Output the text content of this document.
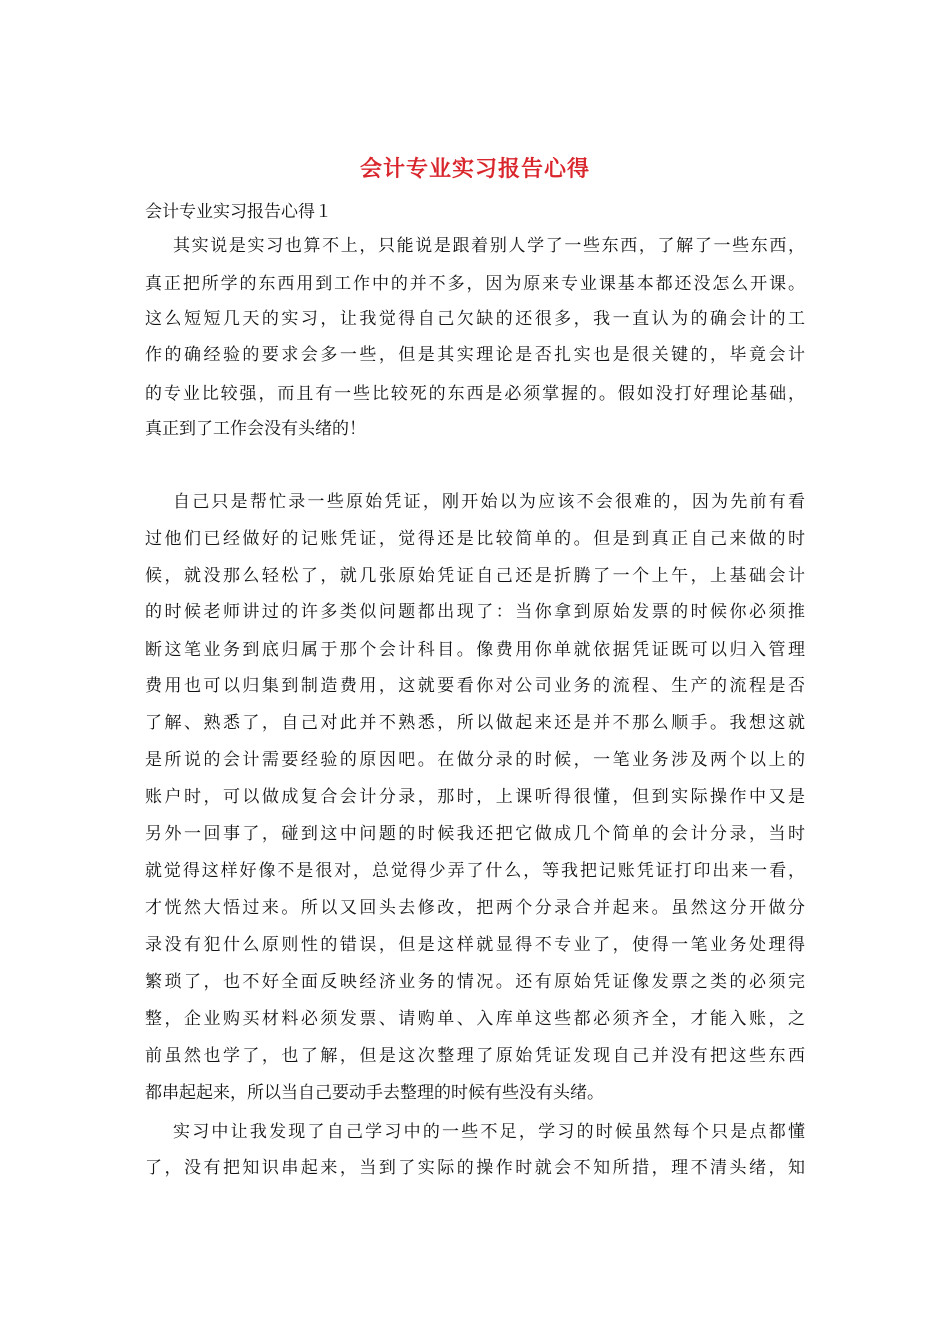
会计专业实习报告心得
会计专业实习报告心得１
其实说是实习也算不上，只能说是跟着别人学了一些东西，了解了一些东西，
真正把所学的东西用到工作中的并不多，因为原来专业课基本都还没怎么开课。
这么短短几天的实习，让我觉得自己欠缺的还很多，我一直认为的确会计的工
作的确经验的要求会多一些，但是其实理论是否扎实也是很关键的，毕竟会计
的专业比较强，而且有一些比较死的东西是必须掌握的。假如没打好理论基础，
真正到了工作会没有头绪的！
自己只是帮忙录一些原始凭证，刚开始以为应该不会很难的，因为先前有看
过他们已经做好的记账凭证，觉得还是比较简单的。但是到真正自己来做的时
候，就没那么轻松了，就几张原始凭证自己还是折腾了一个上午，上基础会计
的时候老师讲过的许多类似问题都出现了：当你拿到原始发票的时候你必须推
断这笔业务到底归属于那个会计科目。像费用你单就依据凭证既可以归入管理
费用也可以归集到制造费用，这就要看你对公司业务的流程、生产的流程是否
了解、熟悉了，自己对此并不熟悉，所以做起来还是并不那么顺手。我想这就
是所说的会计需要经验的原因吧。在做分录的时候，一笔业务涉及两个以上的
账户时，可以做成复合会计分录，那时，上课听得很懂，但到实际操作中又是
另外一回事了，碰到这中问题的时候我还把它做成几个简单的会计分录，当时
就觉得这样好像不是很对，总觉得少弄了什么，等我把记账凭证打印出来一看，
才恍然大悟过来。所以又回头去修改，把两个分录合并起来。虽然这分开做分
录没有犯什么原则性的错误，但是这样就显得不专业了，使得一笔业务处理得
繁琐了，也不好全面反映经济业务的情况。还有原始凭证像发票之类的必须完
整，企业购买材料必须发票、请购单、入库单这些都必须齐全，才能入账，之
前虽然也学了，也了解，但是这次整理了原始凭证发现自己并没有把这些东西
都串起起来，所以当自己要动手去整理的时候有些没有头绪。
实习中让我发现了自己学习中的一些不足，学习的时候虽然每个只是点都懂
了，没有把知识串起来，当到了实际的操作时就会不知所措，理不清头绪，知
